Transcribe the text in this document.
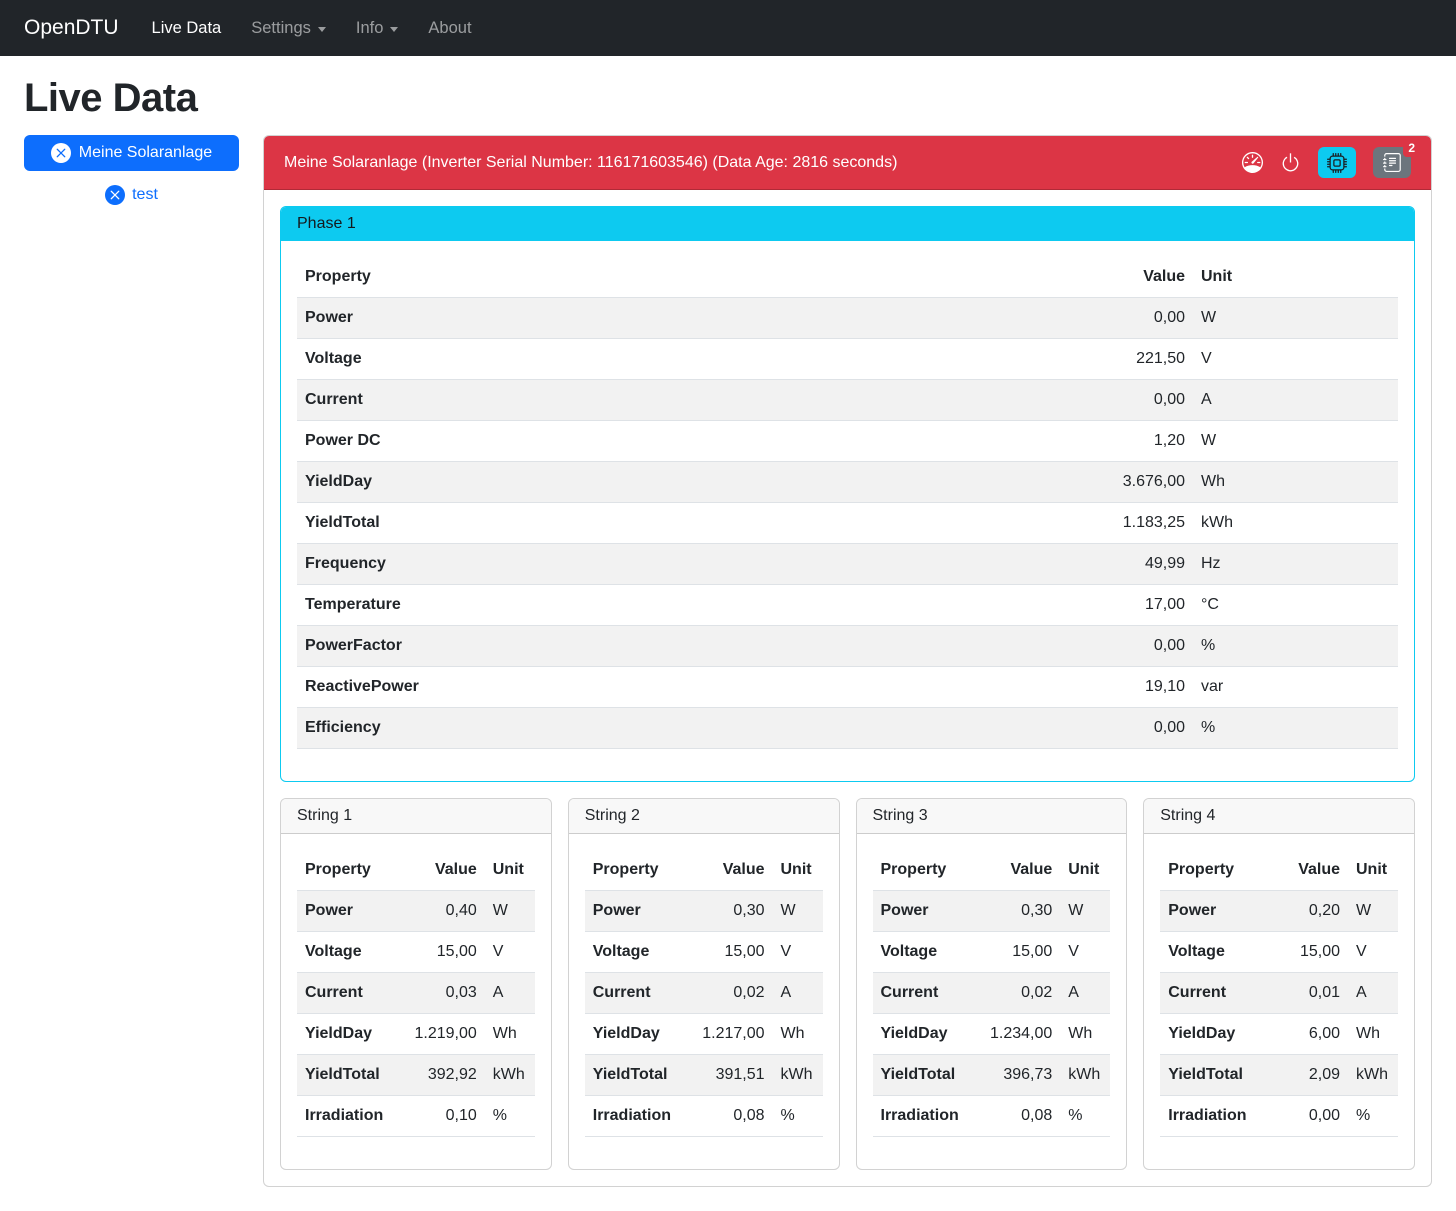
OpenDTU Live Data Settings	Info	About
Live Data
Meine Solaranlage
test
Meine Solaranlage (Inverter Serial Number: 116171603546) (Data Age: 2816 seconds)
2
Phase 1
Property	Value	Unit
Power	0,00	W
Voltage	221,50	V
Current	0,00	A
Power DC	1,20	W
YieldDay	3.676,00	Wh
YieldTotal	1.183,25	kWh
Frequency	49,99	Hz
Temperature	17,00	°C
PowerFactor	0,00	%
ReactivePower	19,10	var
Efficiency	0,00	%
String 1
Property	Value	Unit
Power	0,40	W
Voltage	15,00	V
Current	0,03	A
YieldDay	1.219,00	Wh
YieldTotal	392,92	kWh
Irradiation	0,10	%
String 2
Property	Value	Unit
Power	0,30	W
Voltage	15,00	V
Current	0,02	A
YieldDay	1.217,00	Wh
YieldTotal	391,51	kWh
Irradiation	0,08	%
String 3
Property	Value	Unit
Power	0,30	W
Voltage	15,00	V
Current	0,02	A
YieldDay	1.234,00	Wh
YieldTotal	396,73	kWh
Irradiation	0,08	%
String 4
Property	Value	Unit
Power	0,20	W
Voltage	15,00	V
Current	0,01	A
YieldDay	6,00	Wh
YieldTotal	2,09	kWh
Irradiation	0,00	%
